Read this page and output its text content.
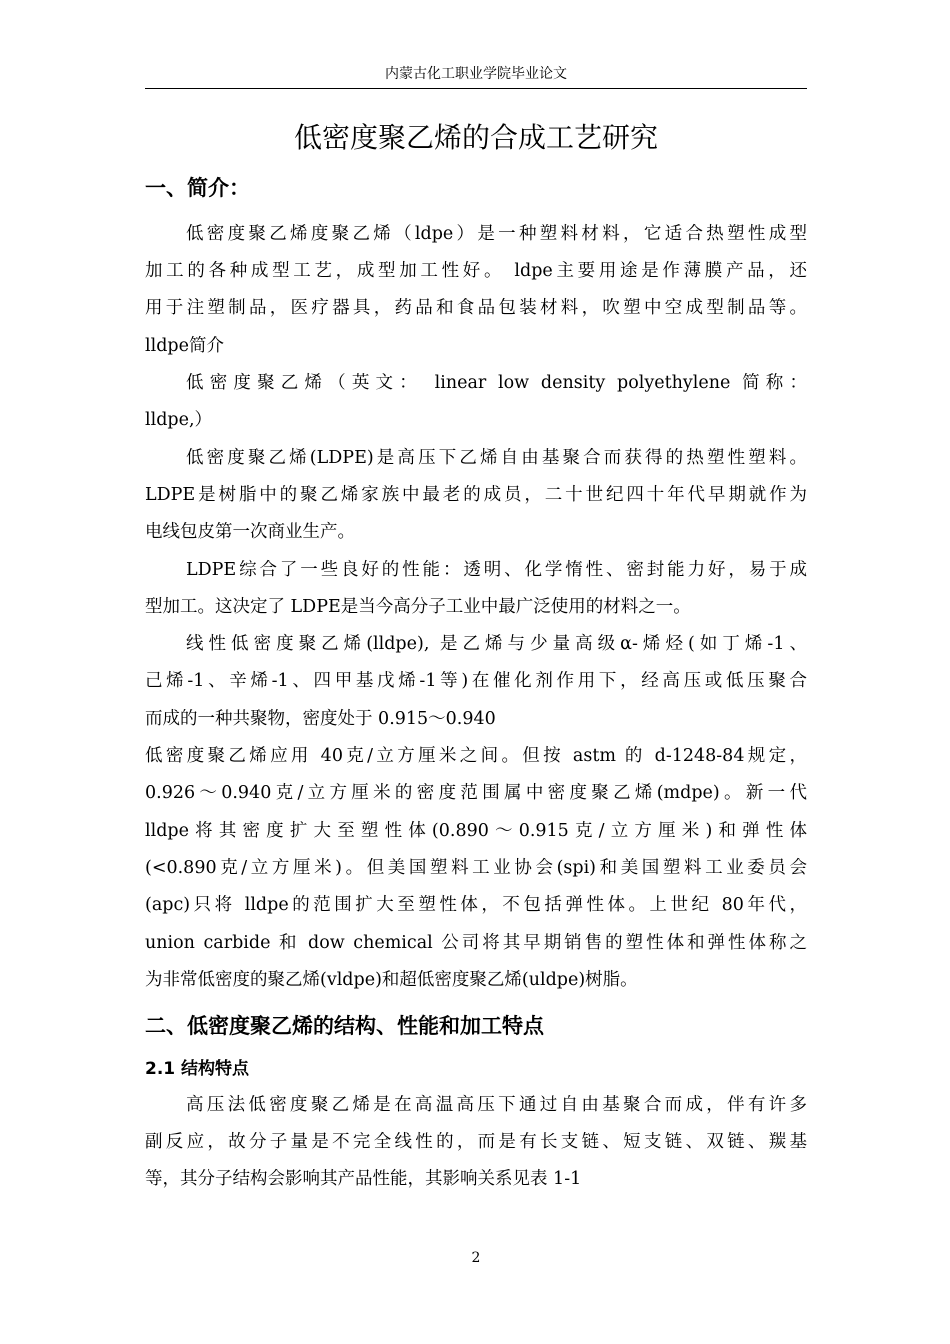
内蒙古化工职业学院毕业论文
低密度聚乙烯的合成工艺研究
一、简介：
低密度聚乙烯度聚乙烯（ldpe）是一种塑料材料，它适合热塑性成型
加工的各种成型工艺，成型加工性好。 ldpe主要用途是作薄膜产品，还
用于注塑制品，医疗器具，药品和食品包装材料，吹塑中空成型制品等。
lldpe简介
低密度聚乙烯（英文： linear low density polyethylene 简称：
lldpe,）
低密度聚乙烯(LDPE)是高压下乙烯自由基聚合而获得的热塑性塑料。
LDPE是树脂中的聚乙烯家族中最老的成员，二十世纪四十年代早期就作为
电线包皮第一次商业生产。
LDPE综合了一些良好的性能：透明、化学惰性、密封能力好，易于成
型加工。这决定了 LDPE是当今高分子工业中最广泛使用的材料之一。
线性低密度聚乙烯(lldpe), 是乙烯与少量高级α-烯烃(如丁烯-1、
己烯-1、辛烯-1、四甲基戊烯-1等)在催化剂作用下，经高压或低压聚合
而成的一种共聚物，密度处于 0.915～0.940
低密度聚乙烯应用 40克/立方厘米之间。但按 astm 的 d-1248-84规定，
0.926～0.940克/立方厘米的密度范围属中密度聚乙烯(mdpe)。新一代
lldpe将其密度扩大至塑性体(0.890～0.915克/立方厘米)和弹性体
(<0.890克/立方厘米)。但美国塑料工业协会(spi)和美国塑料工业委员会
(apc)只将 lldpe的范围扩大至塑性体，不包括弹性体。上世纪 80年代，
union carbide 和 dow chemical 公司将其早期销售的塑性体和弹性体称之
为非常低密度的聚乙烯(vldpe)和超低密度聚乙烯(uldpe)树脂。
二、低密度聚乙烯的结构、性能和加工特点
2.1 结构特点
高压法低密度聚乙烯是在高温高压下通过自由基聚合而成，伴有许多
副反应，故分子量是不完全线性的，而是有长支链、短支链、双链、羰基
等，其分子结构会影响其产品性能，其影响关系见表 1-1
2
